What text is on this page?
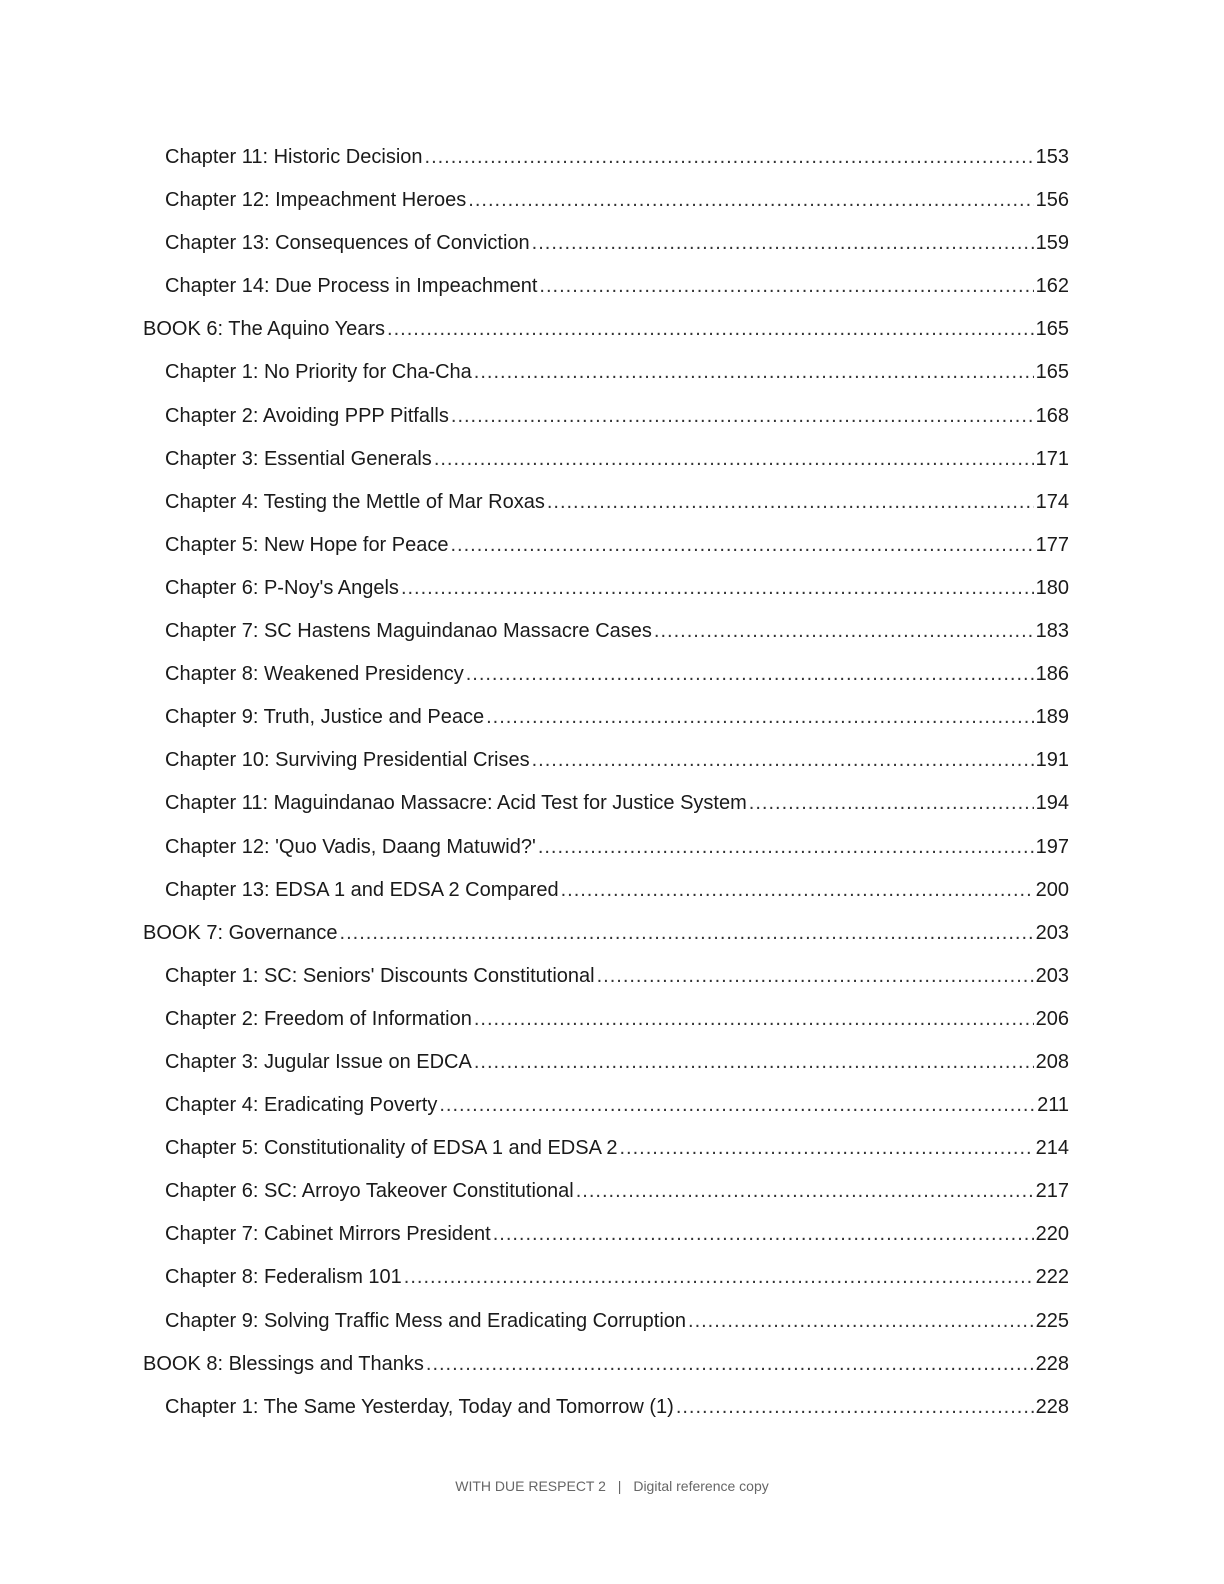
Chapter 11: Historic Decision .....	153
Chapter 12: Impeachment Heroes .....	156
Chapter 13: Consequences of Conviction .....	159
Chapter 14: Due Process in Impeachment .....	162
BOOK 6: The Aquino Years .....	165
Chapter 1: No Priority for Cha-Cha .....	165
Chapter 2: Avoiding PPP Pitfalls .....	168
Chapter 3: Essential Generals .....	171
Chapter 4: Testing the Mettle of Mar Roxas .....	174
Chapter 5: New Hope for Peace .....	177
Chapter 6: P-Noy's Angels .....	180
Chapter 7: SC Hastens Maguindanao Massacre Cases .....	183
Chapter 8: Weakened Presidency .....	186
Chapter 9: Truth, Justice and Peace .....	189
Chapter 10: Surviving Presidential Crises .....	191
Chapter 11: Maguindanao Massacre: Acid Test for Justice System .....	194
Chapter 12: 'Quo Vadis, Daang Matuwid?' .....	197
Chapter 13: EDSA 1 and EDSA 2 Compared .....	200
BOOK 7: Governance .....	203
Chapter 1: SC: Seniors' Discounts Constitutional .....	203
Chapter 2: Freedom of Information .....	206
Chapter 3: Jugular Issue on EDCA .....	208
Chapter 4: Eradicating Poverty .....	211
Chapter 5: Constitutionality of EDSA 1 and EDSA 2 .....	214
Chapter 6: SC: Arroyo Takeover Constitutional .....	217
Chapter 7: Cabinet Mirrors President .....	220
Chapter 8: Federalism 101 .....	222
Chapter 9: Solving Traffic Mess and Eradicating Corruption .....	225
BOOK 8: Blessings and Thanks .....	228
Chapter 1: The Same Yesterday, Today and Tomorrow (1) .....	228
WITH DUE RESPECT 2 | Digital reference copy
